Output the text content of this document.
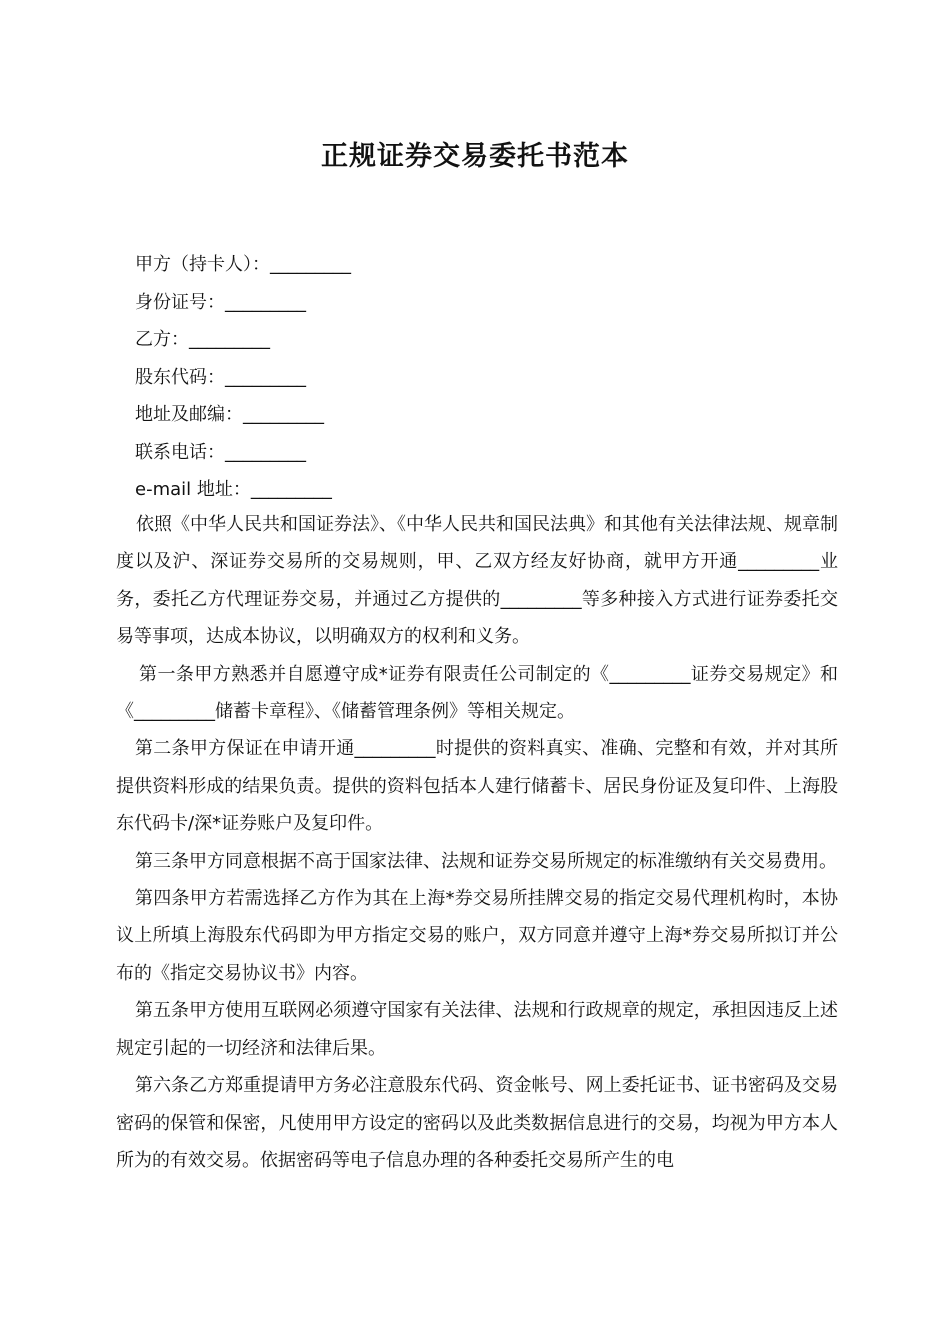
正规证券交易委托书范本
甲方（持卡人）：_________
身份证号：_________
乙方：_________
股东代码：_________
地址及邮编：_________
联系电话：_________
e-mail 地址：_________

依照《中华人民共和国证券法》、《中华人民共和国民法典》和其他有关法律法规、规章制度以及沪、深证券交易所的交易规则，甲、乙双方经友好协商，就甲方开通_________业务，委托乙方代理证券交易，并通过乙方提供的_________等多种接入方式进行证券委托交易等事项，达成本协议，以明确双方的权利和义务。

第一条甲方熟悉并自愿遵守成*证券有限责任公司制定的《_________证券交易规定》和《_________储蓄卡章程》、《储蓄管理条例》等相关规定。

第二条甲方保证在申请开通_________时提供的资料真实、准确、完整和有效，并对其所提供资料形成的结果负责。提供的资料包括本人建行储蓄卡、居民身份证及复印件、上海股东代码卡/深*证券账户及复印件。

第三条甲方同意根据不高于国家法律、法规和证券交易所规定的标准缴纳有关交易费用。

第四条甲方若需选择乙方作为其在上海*券交易所挂牌交易的指定交易代理机构时，本协议上所填上海股东代码即为甲方指定交易的账户，双方同意并遵守上海*券交易所拟订并公布的《指定交易协议书》内容。

第五条甲方使用互联网必须遵守国家有关法律、法规和行政规章的规定，承担因违反上述规定引起的一切经济和法律后果。

第六条乙方郑重提请甲方务必注意股东代码、资金帐号、网上委托证书、证书密码及交易密码的保管和保密，凡使用甲方设定的密码以及此类数据信息进行的交易，均视为甲方本人所为的有效交易。依据密码等电子信息办理的各种委托交易所产生的电
